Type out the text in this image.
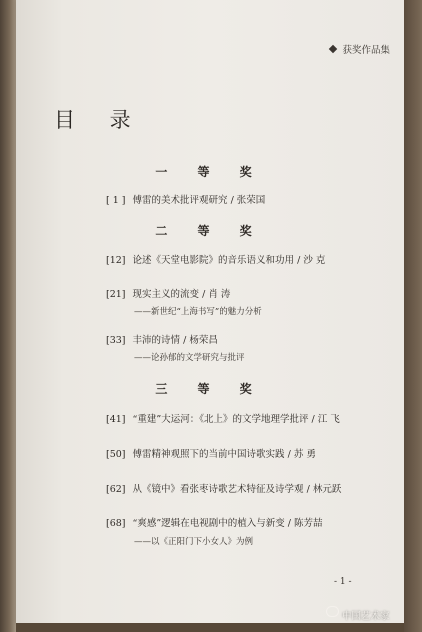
获奖作品集
目 录
一 等 奖
[ 1 ] 傅雷的美术批评观研究 / 张荣国
二 等 奖
[12] 论述《天堂电影院》的音乐语义和功用 / 沙 克
[21] 现实主义的流变 / 肖 涛
——新世纪“上海书写”的魅力分析
[33] 丰沛的诗情 / 杨荣昌
——论孙郁的文学研究与批评
三 等 奖
[41] “重建”大运河：《北上》的文学地理学批评 / 江 飞
[50] 傅雷精神观照下的当前中国诗歌实践 / 苏 勇
[62] 从《镜中》看张枣诗歌艺术特征及诗学观 / 林元跃
[68] “爽感”逻辑在电视剧中的植入与新变 / 陈芳喆
——以《正阳门下小女人》为例
- 1 -
中国艺术家
